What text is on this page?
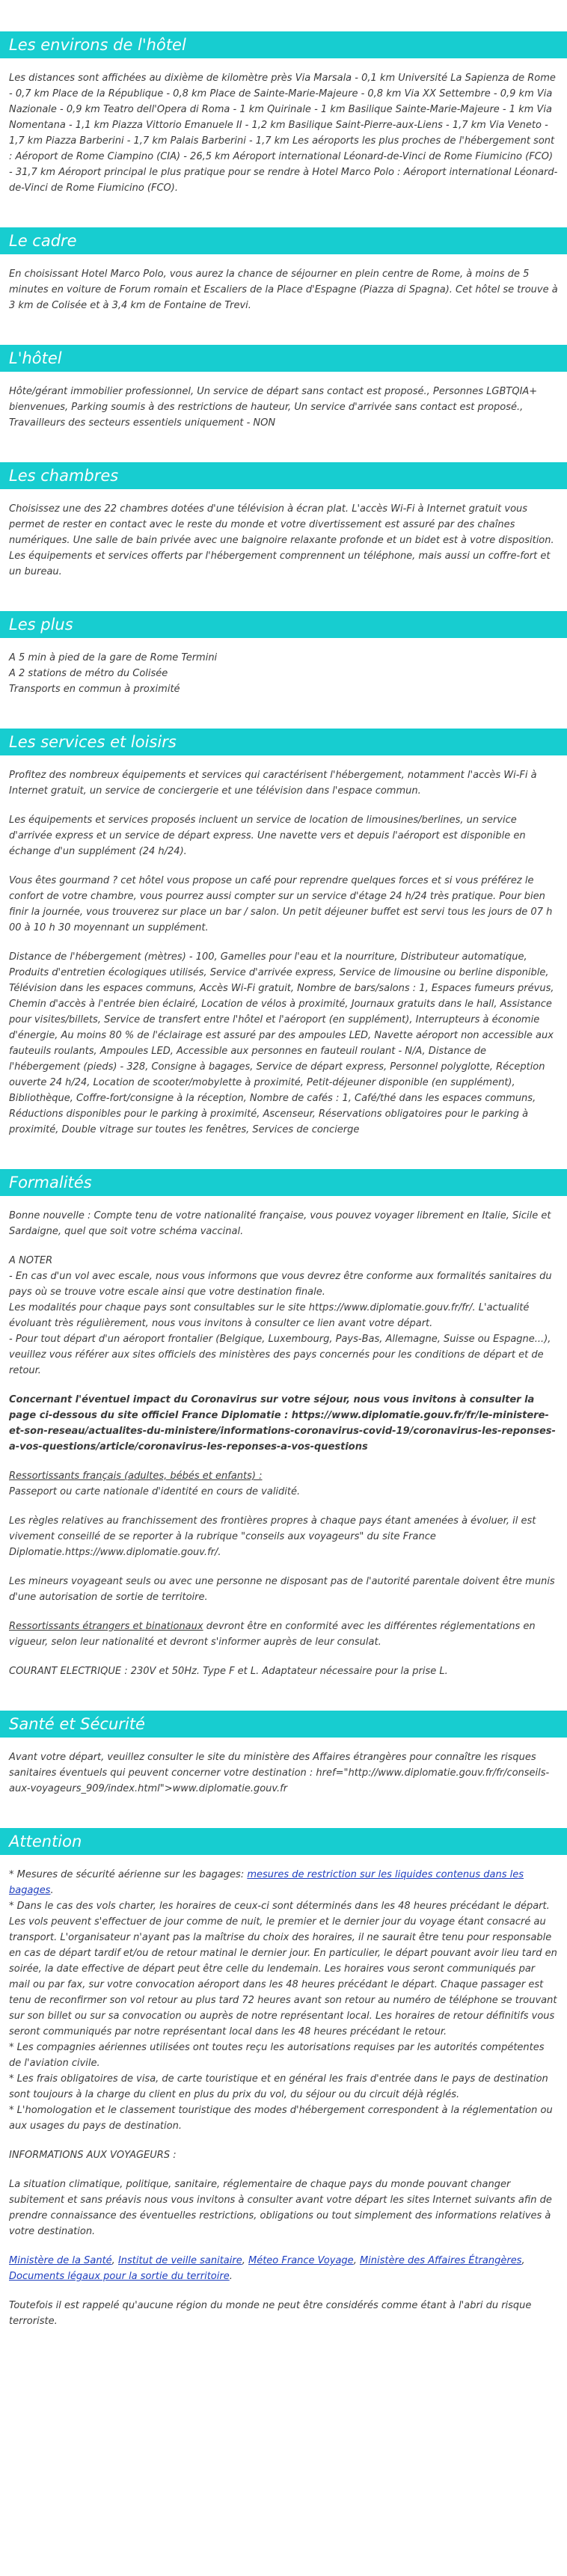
Les environs de l'hôtel

Les distances sont affichées au dixième de kilomètre près Via Marsala - 0,1 km Université La Sapienza de Rome - 0,7 km Place de la République - 0,8 km Place de Sainte-Marie-Majeure - 0,8 km Via XX Settembre - 0,9 km Via Nazionale - 0,9 km Teatro dell'Opera di Roma - 1 km Quirinale - 1 km Basilique Sainte-Marie-Majeure - 1 km Via Nomentana - 1,1 km Piazza Vittorio Emanuele II - 1,2 km Basilique Saint-Pierre-aux-Liens - 1,7 km Via Veneto - 1,7 km Piazza Barberini - 1,7 km Palais Barberini - 1,7 km Les aéroports les plus proches de l'hébergement sont : Aéroport de Rome Ciampino (CIA) - 26,5 km Aéroport international Léonard-de-Vinci de Rome Fiumicino (FCO) - 31,7 km Aéroport principal le plus pratique pour se rendre à Hotel Marco Polo : Aéroport international Léonard-de-Vinci de Rome Fiumicino (FCO).

Le cadre

En choisissant Hotel Marco Polo, vous aurez la chance de séjourner en plein centre de Rome, à moins de 5 minutes en voiture de Forum romain et Escaliers de la Place d'Espagne (Piazza di Spagna). Cet hôtel se trouve à 3 km de Colisée et à 3,4 km de Fontaine de Trevi.

L'hôtel

Hôte/gérant immobilier professionnel, Un service de départ sans contact est proposé., Personnes LGBTQIA+ bienvenues, Parking soumis à des restrictions de hauteur, Un service d'arrivée sans contact est proposé., Travailleurs des secteurs essentiels uniquement - NON

Les chambres

Choisissez une des 22 chambres dotées d'une télévision à écran plat. L'accès Wi-Fi à Internet gratuit vous permet de rester en contact avec le reste du monde et votre divertissement est assuré par des chaînes numériques. Une salle de bain privée avec une baignoire relaxante profonde et un bidet est à votre disposition. Les équipements et services offerts par l'hébergement comprennent un téléphone, mais aussi un coffre-fort et un bureau.

Les plus
A 5 min à pied de la gare de Rome Termini
A 2 stations de métro du Colisée
Transports en commun à proximité
Les services et loisirs

Profitez des nombreux équipements et services qui caractérisent l'hébergement, notamment l'accès Wi-Fi à Internet gratuit, un service de conciergerie et une télévision dans l'espace commun.

Les équipements et services proposés incluent un service de location de limousines/berlines, un service d'arrivée express et un service de départ express. Une navette vers et depuis l'aéroport est disponible en échange d'un supplément (24 h/24).

Vous êtes gourmand ? cet hôtel vous propose un café pour reprendre quelques forces et si vous préférez le confort de votre chambre, vous pourrez aussi compter sur un service d'étage 24 h/24 très pratique. Pour bien finir la journée, vous trouverez sur place un bar / salon. Un petit déjeuner buffet est servi tous les jours de 07 h 00 à 10 h 30 moyennant un supplément.

Distance de l'hébergement (mètres) - 100, Gamelles pour l'eau et la nourriture, Distributeur automatique, Produits d'entretien écologiques utilisés, Service d'arrivée express, Service de limousine ou berline disponible, Télévision dans les espaces communs, Accès Wi-Fi gratuit, Nombre de bars/salons : 1, Espaces fumeurs prévus, Chemin d'accès à l'entrée bien éclairé, Location de vélos à proximité, Journaux gratuits dans le hall, Assistance pour visites/billets, Service de transfert entre l'hôtel et l'aéroport (en supplément), Interrupteurs à économie d'énergie, Au moins 80 % de l'éclairage est assuré par des ampoules LED, Navette aéroport non accessible aux fauteuils roulants, Ampoules LED, Accessible aux personnes en fauteuil roulant - N/A, Distance de l'hébergement (pieds) - 328, Consigne à bagages, Service de départ express, Personnel polyglotte, Réception ouverte 24 h/24, Location de scooter/mobylette à proximité, Petit-déjeuner disponible (en supplément), Bibliothèque, Coffre-fort/consigne à la réception, Nombre de cafés : 1, Café/thé dans les espaces communs, Réductions disponibles pour le parking à proximité, Ascenseur, Réservations obligatoires pour le parking à proximité, Double vitrage sur toutes les fenêtres, Services de concierge

Formalités

Bonne nouvelle : Compte tenu de votre nationalité française, vous pouvez voyager librement en Italie, Sicile et Sardaigne, quel que soit votre schéma vaccinal.

A NOTER
- En cas d'un vol avec escale, nous vous informons que vous devrez être conforme aux formalités sanitaires du pays où se trouve votre escale ainsi que votre destination finale.
Les modalités pour chaque pays sont consultables sur le site https://www.diplomatie.gouv.fr/fr/. L'actualité évoluant très régulièrement, nous vous invitons à consulter ce lien avant votre départ.
- Pour tout départ d'un aéroport frontalier (Belgique, Luxembourg, Pays-Bas, Allemagne, Suisse ou Espagne...), veuillez vous référer aux sites officiels des ministères des pays concernés pour les conditions de départ et de retour.

Concernant l'éventuel impact du Coronavirus sur votre séjour, nous vous invitons à consulter la page ci-dessous du site officiel France Diplomatie : https://www.diplomatie.gouv.fr/fr/le-ministere-et-son-reseau/actualites-du-ministere/informations-coronavirus-covid-19/coronavirus-les-reponses-a-vos-questions/article/coronavirus-les-reponses-a-vos-questions

Ressortissants français (adultes, bébés et enfants) :
Passeport ou carte nationale d'identité en cours de validité.

Les règles relatives au franchissement des frontières propres à chaque pays étant amenées à évoluer, il est vivement conseillé de se reporter à la rubrique "conseils aux voyageurs" du site France Diplomatie.https://www.diplomatie.gouv.fr/.

Les mineurs voyageant seuls ou avec une personne ne disposant pas de l'autorité parentale doivent être munis d'une autorisation de sortie de territoire.

Ressortissants étrangers et binationaux devront être en conformité avec les différentes réglementations en vigueur, selon leur nationalité et devront s'informer auprès de leur consulat.

COURANT ELECTRIQUE : 230V et 50Hz. Type F et L. Adaptateur nécessaire pour la prise L.

Santé et Sécurité

Avant votre départ, veuillez consulter le site du ministère des Affaires étrangères pour connaître les risques sanitaires éventuels qui peuvent concerner votre destination : href="http://www.diplomatie.gouv.fr/fr/conseils-aux-voyageurs_909/index.html">www.diplomatie.gouv.fr

Attention
* Mesures de sécurité aérienne sur les bagages: mesures de restriction sur les liquides contenus dans les bagages.
* Dans le cas des vols charter, les horaires de ceux-ci sont déterminés dans les 48 heures précédant le départ. Les vols peuvent s'effectuer de jour comme de nuit, le premier et le dernier jour du voyage étant consacré au transport. L'organisateur n'ayant pas la maîtrise du choix des horaires, il ne saurait être tenu pour responsable en cas de départ tardif et/ou de retour matinal le dernier jour. En particulier, le départ pouvant avoir lieu tard en soirée, la date effective de départ peut être celle du lendemain. Les horaires vous seront communiqués par mail ou par fax, sur votre convocation aéroport dans les 48 heures précédant le départ. Chaque passager est tenu de reconfirmer son vol retour au plus tard 72 heures avant son retour au numéro de téléphone se trouvant sur son billet ou sur sa convocation ou auprès de notre représentant local. Les horaires de retour définitifs vous seront communiqués par notre représentant local dans les 48 heures précédant le retour.
* Les compagnies aériennes utilisées ont toutes reçu les autorisations requises par les autorités compétentes de l'aviation civile.
* Les frais obligatoires de visa, de carte touristique et en général les frais d'entrée dans le pays de destination sont toujours à la charge du client en plus du prix du vol, du séjour ou du circuit déjà réglés.

* L'homologation et le classement touristique des modes d'hébergement correspondent à la réglementation ou aux usages du pays de destination.

INFORMATIONS AUX VOYAGEURS :

La situation climatique, politique, sanitaire, réglementaire de chaque pays du monde pouvant changer subitement et sans préavis nous vous invitons à consulter avant votre départ les sites Internet suivants afin de prendre connaissance des éventuelles restrictions, obligations ou tout simplement des informations relatives à votre destination.

Ministère de la Santé, Institut de veille sanitaire, Méteo France Voyage, Ministère des Affaires Étrangères, Documents légaux pour la sortie du territoire.

Toutefois il est rappelé qu'aucune région du monde ne peut être considérés comme étant à l'abri du risque terroriste.
